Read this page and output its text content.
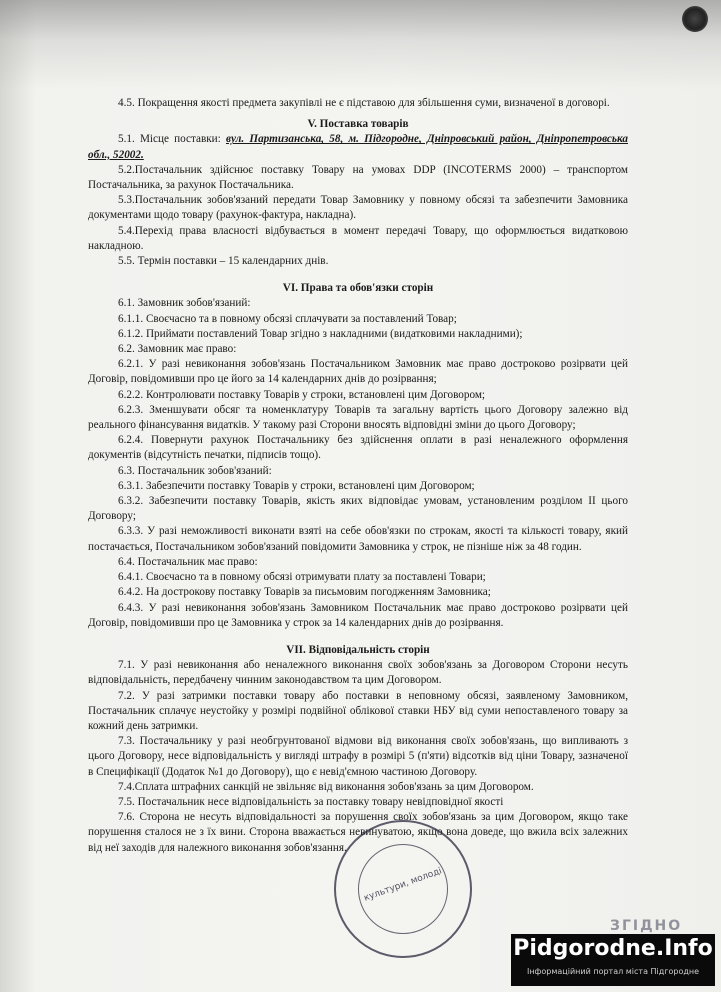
4.5. Покращення якості предмета закупівлі не є підставою для збільшення суми, визначеної в договорі.

V. Поставка товарів

5.1. Місце поставки: вул. Партизанська, 58, м. Підгородне, Дніпровський район, Дніпропетровська обл., 52002.

5.2.Постачальник здійснює поставку Товару на умовах DDP (INCOTERMS 2000) – транспортом Постачальника, за рахунок Постачальника.

5.3.Постачальник зобов'язаний передати Товар Замовнику у повному обсязі та забезпечити Замовника документами щодо товару (рахунок-фактура, накладна).

5.4.Перехід права власності відбувається в момент передачі Товару, що оформлюється видатковою накладною.

5.5. Термін поставки – 15 календарних днів.

VI. Права та обов'язки сторін

6.1. Замовник зобов'язаний:

6.1.1. Своєчасно та в повному обсязі сплачувати за поставлений Товар;

6.1.2. Приймати поставлений Товар згідно з накладними (видатковими накладними);

6.2. Замовник має право:

6.2.1. У разі невиконання зобов'язань Постачальником Замовник має право достроково розірвати цей Договір, повідомивши про це його за 14 календарних днів до розірвання;

6.2.2. Контролювати поставку Товарів у строки, встановлені цим Договором;

6.2.3. Зменшувати обсяг та номенклатуру Товарів та загальну вартість цього Договору залежно від реального фінансування видатків. У такому разі Сторони вносять відповідні зміни до цього Договору;

6.2.4. Повернути рахунок Постачальнику без здійснення оплати в разі неналежного оформлення документів (відсутність печатки, підписів тощо).

6.3. Постачальник зобов'язаний:

6.3.1. Забезпечити поставку Товарів у строки, встановлені цим Договором;

6.3.2. Забезпечити поставку Товарів, якість яких відповідає умовам, установленим розділом ІІ цього Договору;

6.3.3. У разі неможливості виконати взяті на себе обов'язки по строкам, якості та кількості товару, який постачається, Постачальником зобов'язаний повідомити Замовника у строк, не пізніше ніж за 48 годин.

6.4. Постачальник має право:

6.4.1. Своєчасно та в повному обсязі отримувати плату за поставлені Товари;

6.4.2. На дострокову поставку Товарів за письмовим погодженням Замовника;

6.4.3. У разі невиконання зобов'язань Замовником Постачальник має право достроково розірвати цей Договір, повідомивши про це Замовника у строк за 14 календарних днів до розірвання.

VII. Відповідальність сторін

7.1. У разі невиконання або неналежного виконання своїх зобов'язань за Договором Сторони несуть відповідальність, передбачену чинним законодавством та цим Договором.

7.2. У разі затримки поставки товару або поставки в неповному обсязі, заявленому Замовником, Постачальник сплачує неустойку у розмірі подвійної облікової ставки НБУ від суми непоставленого товару за кожний день затримки.

7.3. Постачальнику у разі необгрунтованої відмови від виконання своїх зобов'язань, що випливають з цього Договору, несе відповідальність у вигляді штрафу в розмірі 5 (п'яти) відсотків від ціни Товару, зазначеної в Специфікації (Додаток №1 до Договору), що є невід'ємною частиною Договору.

7.4.Сплата штрафних санкцій не звільняє від виконання зобов'язань за цим Договором.

7.5. Постачальник несе відповідальність за поставку товару невідповідної якості

7.6. Сторона не несуть відповідальності за порушення своїх зобов'язань за цим Договором, якщо таке порушення сталося не з їх вини. Сторона вважається невинуватою, якщо вона доведе, що вжила всіх залежних від неї заходів для належного виконання зобов'язання.

культури, молоді
ЗГІДНО
Pidgorodne.Info
Інформаційний портал міста Підгородне
